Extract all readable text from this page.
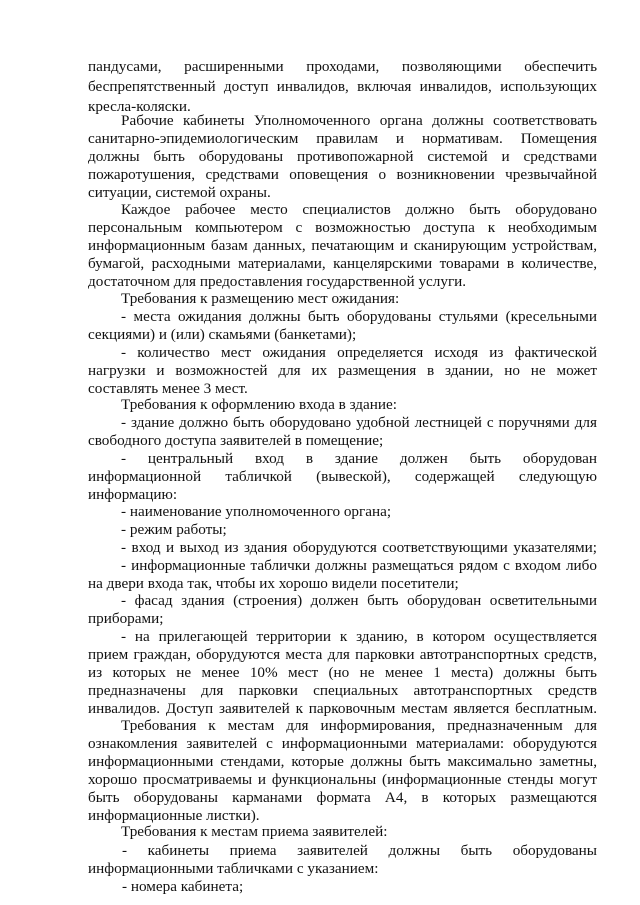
пандусами, расширенными проходами, позволяющими обеспечить
беспрепятственный доступ инвалидов, включая инвалидов, использующих
кресла-коляски.
Рабочие кабинеты Уполномоченного органа должны соответствовать
санитарно-эпидемиологическим правилам и нормативам. Помещения
должны быть оборудованы противопожарной системой и средствами
пожаротушения, средствами оповещения о возникновении чрезвычайной
ситуации, системой охраны.
Каждое рабочее место специалистов должно быть оборудовано
персональным компьютером с возможностью доступа к необходимым
информационным базам данных, печатающим и сканирующим устройствам,
бумагой, расходными материалами, канцелярскими товарами в количестве,
достаточном для предоставления государственной услуги.
Требования к размещению мест ожидания:
- места ожидания должны быть оборудованы стульями (кресельными
секциями) и (или) скамьями (банкетами);
- количество мест ожидания определяется исходя из фактической
нагрузки и возможностей для их размещения в здании, но не может
составлять менее 3 мест.
Требования к оформлению входа в здание:
- здание должно быть оборудовано удобной лестницей с поручнями для
свободного доступа заявителей в помещение;
- центральный вход в здание должен быть оборудован
информационной табличкой (вывеской), содержащей следующую
информацию:
- наименование уполномоченного органа;
- режим работы;
- вход и выход из здания оборудуются соответствующими указателями;
- информационные таблички должны размещаться рядом с входом либо
на двери входа так, чтобы их хорошо видели посетители;
- фасад здания (строения) должен быть оборудован осветительными
приборами;
- на прилегающей территории к зданию, в котором осуществляется
прием граждан, оборудуются места для парковки автотранспортных средств,
из которых не менее 10% мест (но не менее 1 места) должны быть
предназначены для парковки специальных автотранспортных средств
инвалидов. Доступ заявителей к парковочным местам является бесплатным.
Требования к местам для информирования, предназначенным для
ознакомления заявителей с информационными материалами: оборудуются
информационными стендами, которые должны быть максимально заметны,
хорошо просматриваемы и функциональны (информационные стенды могут
быть оборудованы карманами формата А4, в которых размещаются
информационные листки).
Требования к местам приема заявителей:
- кабинеты приема заявителей должны быть оборудованы
информационными табличками с указанием:
- номера кабинета;
